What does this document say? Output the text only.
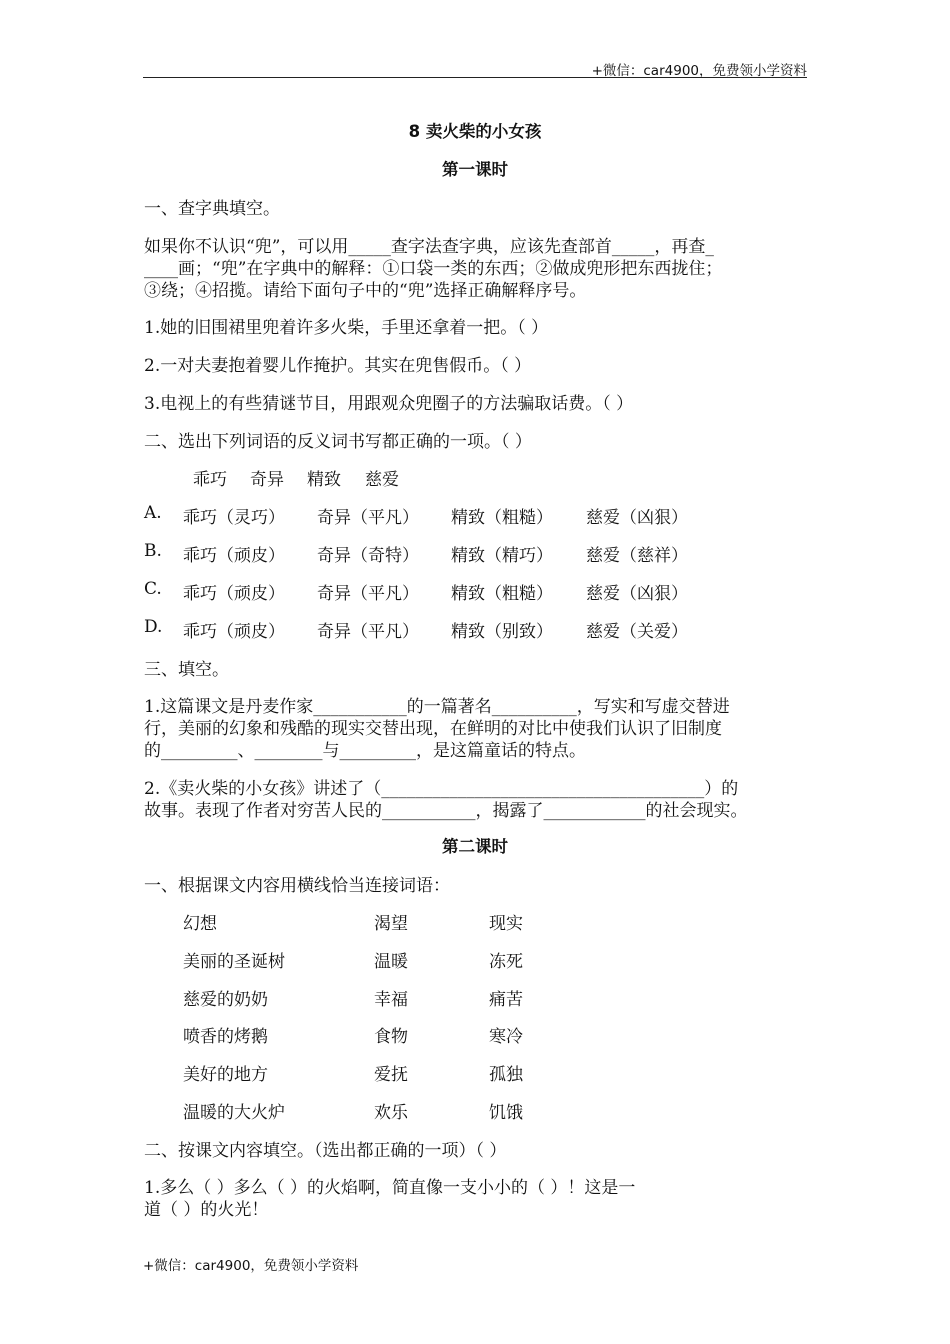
+微信：car4900，免费领小学资料
8 卖火柴的小女孩
第一课时
一、查字典填空。
如果你不认识“兜”，可以用_____查字法查字典，应该先查部首_____，再查_
____画；“兜”在字典中的解释：①口袋一类的东西；②做成兜形把东西拢住；
③绕；④招揽。请给下面句子中的“兜”选择正确解释序号。
1.她的旧围裙里兜着许多火柴，手里还拿着一把。（ ）
2.一对夫妻抱着婴儿作掩护。其实在兜售假币。（ ）
3.电视上的有些猜谜节目，用跟观众兜圈子的方法骗取话费。（ ）
二、选出下列词语的反义词书写都正确的一项。（ ）
乖巧 奇异 精致 慈爱
A. 乖巧（灵巧） 奇异（平凡） 精致（粗糙） 慈爱（凶狠）
B. 乖巧（顽皮） 奇异（奇特） 精致（精巧） 慈爱（慈祥）
C. 乖巧（顽皮） 奇异（平凡） 精致（粗糙） 慈爱（凶狠）
D. 乖巧（顽皮） 奇异（平凡） 精致（别致） 慈爱（关爱）
三、填空。
1.这篇课文是丹麦作家___________的一篇著名__________，写实和写虚交替进
行，美丽的幻象和残酷的现实交替出现，在鲜明的对比中使我们认识了旧制度
的_________、________与_________，是这篇童话的特点。
2.《卖火柴的小女孩》讲述了（______________________________________）的
故事。表现了作者对穷苦人民的___________，揭露了____________的社会现实。
第二课时
一、根据课文内容用横线恰当连接词语：
幻想	渴望	现实
美丽的圣诞树	温暖	冻死
慈爱的奶奶	幸福	痛苦
喷香的烤鹅	食物	寒冷
美好的地方	爱抚	孤独
温暖的大火炉	欢乐	饥饿
二、按课文内容填空。（选出都正确的一项）（ ）
1.多么（ ）多么（ ）的火焰啊，简直像一支小小的（ ）！这是一
道（ ）的火光！
+微信：car4900，免费领小学资料
